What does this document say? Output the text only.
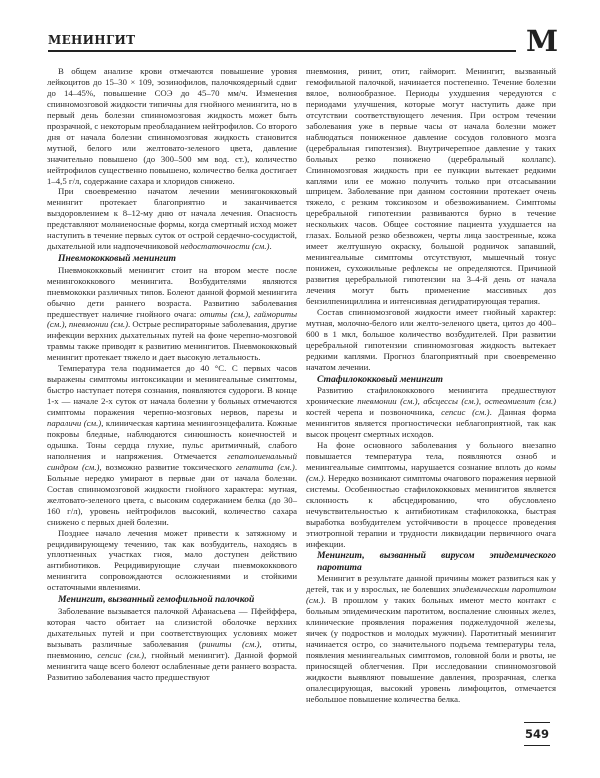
МЕНИНГИТ	М

В общем анализе крови отмечаются повышение уровня лейкоцитов до 15–30 × 109, эозинофилов, палочкоядерный сдвиг до 14–45%, повышение СОЭ до 45–70 мм/ч. Изменения спинномозговой жидкости типичны для гнойного менингита, но в первый день болезни спинномозговая жидкость может быть прозрачной, с некоторым преобладанием нейтрофилов. Со второго дня от начала болезни спинномозговая жидкость становится мутной, белого или желтовато-зеленого цвета, давление значительно повышено (до 300–500 мм вод. ст.), количество нейтрофилов существенно повышено, количество белка достигает 1–4,5 г/л, содержание сахара и хлоридов снижено.

При своевременно начатом лечении менингококковый менингит протекает благоприятно и заканчивается выздоровлением к 8–12-му дню от начала лечения. Опасность представляют молниеносные формы, когда смертный исход может наступить в течение первых суток от острой сердечно-сосудистой, дыхательной или надпочечниковой недостаточности (см.).

Пневмококковый менингит

Пневмококковый менингит стоит на втором месте после менингококкового менингита. Возбудителями являются пневмококки различных типов. Болеют данной формой менингита обычно дети раннего возраста. Развитию заболевания предшествует наличие гнойного очага: отиты (см.), гаймориты (см.), пневмонии (см.). Острые респираторные заболевания, другие инфекции верхних дыхательных путей на фоне черепно-мозговой травмы также приводят к развитию менингитов. Пневмококковый менингит протекает тяжело и дает высокую летальность.

Температура тела поднимается до 40 °С. С первых часов выражены симптомы интоксикации и менингеальные симптомы, быстро наступает потеря сознания, появляются судороги. В конце 1-х — начале 2-х суток от начала болезни у больных отмечаются симптомы поражения черепно-мозговых нервов, парезы и параличи (см.), клиническая картина менингоэнцефалита. Кожные покровы бледные, наблюдаются синюшность конечностей и одышка. Тоны сердца глухие, пульс аритмичный, слабого наполнения и напряжения. Отмечается гепатолиенальный синдром (см.), возможно развитие токсического гепатита (см.). Больные нередко умирают в первые дни от начала болезни. Состав спинномозговой жидкости гнойного характера: мутная, желтовато-зеленого цвета, с высоким содержанием белка (до 30–160 г/л), уровень нейтрофилов высокий, количество сахара снижено с первых дней болезни.

Позднее начало лечения может привести к затяжному и рецидивирующему течению, так как возбудитель, находясь в уплотненных участках гноя, мало доступен действию антибиотиков. Рецидивирующие случаи пневмококкового менингита сопровождаются осложнениями и стойкими остаточными явлениями.

Менингит, вызванный гемофильной палочкой

Заболевание вызывается палочкой Афанасьева — Пфейффера, которая часто обитает на слизистой оболочке верхних дыхательных путей и при соответствующих условиях может вызывать различные заболевания (риниты (см.), отиты, пневмонию, сепсис (см.), гнойный менингит). Данной формой менингита чаще всего болеют ослабленные дети раннего возраста. Развитию заболевания часто предшествуют

пневмония, ринит, отит, гайморит. Менингит, вызванный гемофильной палочкой, начинается постепенно. Течение болезни вялое, волнообразное. Периоды ухудшения чередуются с периодами улучшения, которые могут наступить даже при отсутствии соответствующего лечения. При остром течении заболевания уже в первые часы от начала болезни может наблюдаться пониженное давление сосудов головного мозга (церебральная гипотензия). Внутричерепное давление у таких больных резко понижено (церебральный коллапс). Спинномозговая жидкость при ее пункции вытекает редкими каплями или ее можно получить только при отсасывании шприцем. Заболевание при данном состоянии протекает очень тяжело, с резким токсикозом и обезвоживанием. Симптомы церебральной гипотензии развиваются бурно в течение нескольких часов. Общее состояние пациента ухудшается на глазах. Больной резко обезвожен, черты лица заостренные, кожа имеет желтушную окраску, большой родничок запавший, менингеальные симптомы отсутствуют, мышечный тонус понижен, сухожильные рефлексы не определяются. Причиной развития церебральной гипотензии на 3–4-й день от начала лечения могут быть применение массивных доз бензилпенициллина и интенсивная дегидратирующая терапия.

Состав спинномозговой жидкости имеет гнойный характер: мутная, молочно-белого или желто-зеленого цвета, цитоз до 400–600 в 1 мкл, большое количество возбудителей. При развитии церебральной гипотензии спинномозговая жидкость вытекает редкими каплями. Прогноз благоприятный при своевременно начатом лечении.

Стафилококковый менингит

Развитию стафилококкового менингита предшествуют хронические пневмонии (см.), абсцессы (см.), остеомиелит (см.) костей черепа и позвоночника, сепсис (см.). Данная форма менингитов является прогностически неблагоприятной, так как высок процент смертных исходов.

На фоне основного заболевания у больного внезапно повышается температура тела, появляются озноб и менингеальные симптомы, нарушается сознание вплоть до комы (см.). Нередко возникают симптомы очагового поражения нервной системы. Особенностью стафилококковых менингитов является склонность к абсцедированию, что обусловлено нечувствительностью к антибиотикам стафилококка, быстрая выработка возбудителем устойчивости в процессе проведения этиотропной терапии и трудности ликвидации первичного очага инфекции.

Менингит, вызванный вирусом эпидемического паротита

Менингит в результате данной причины может развиться как у детей, так и у взрослых, не болевших эпидемическим паротитом (см.). В прошлом у таких больных имеют место контакт с больным эпидемическим паротитом, воспаление слюнных желез, клинические проявления поражения поджелудочной железы, яичек (у подростков и молодых мужчин). Паротитный менингит начинается остро, со значительного подъема температуры тела, появления менингеальных симптомов, головной боли и рвоты, не приносящей облегчения. При исследовании спинномозговой жидкости выявляют повышение давления, прозрачная, слегка опалесцирующая, высокий уровень лимфоцитов, отмечается небольшое повышение количества белка.

549
